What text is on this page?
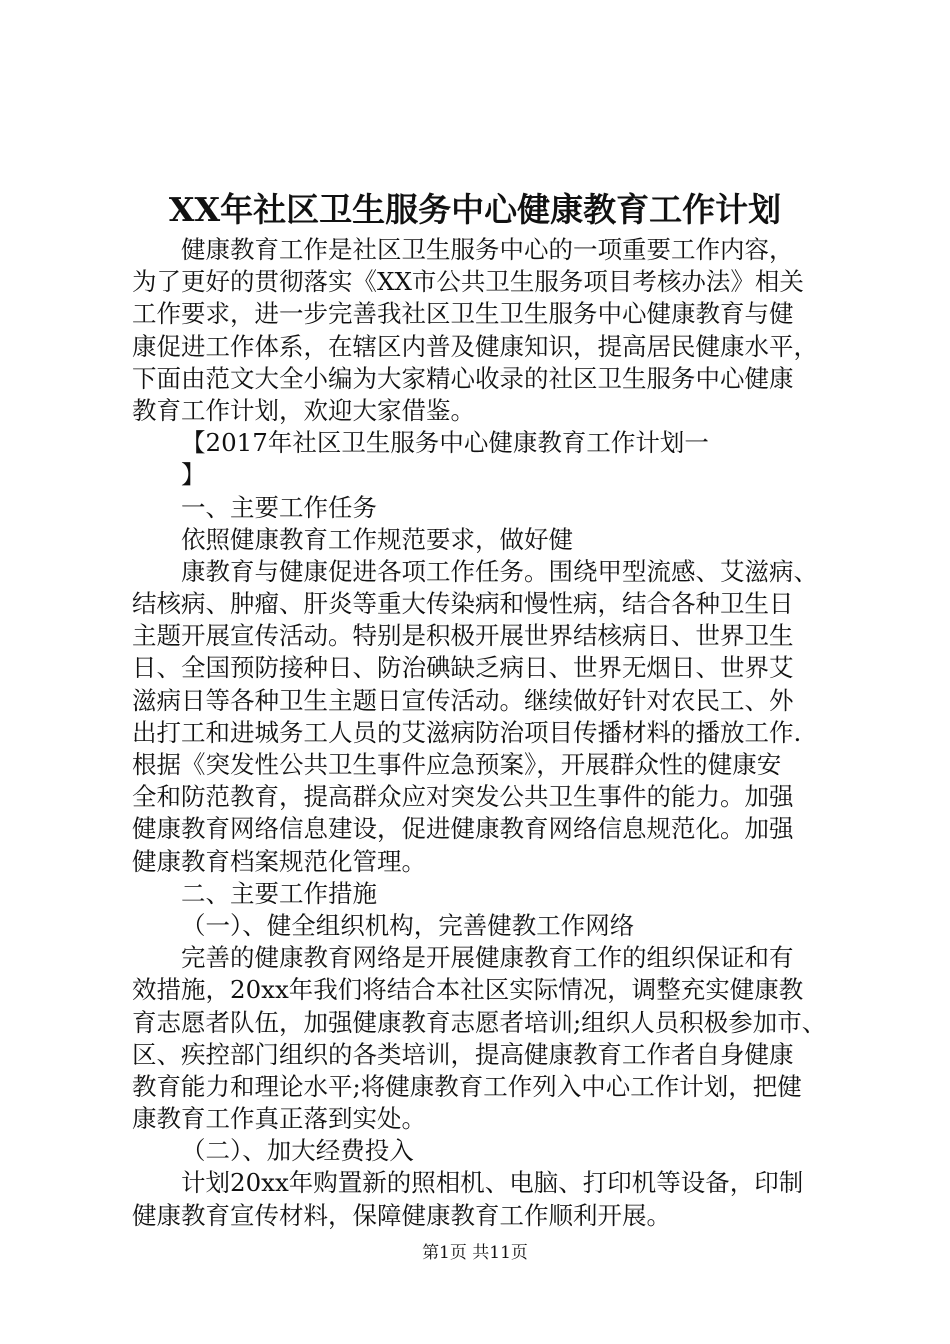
XX年社区卫生服务中心健康教育工作计划
健康教育工作是社区卫生服务中心的一项重要工作内容，
为了更好的贯彻落实《XX市公共卫生服务项目考核办法》相关
工作要求，进一步完善我社区卫生卫生服务中心健康教育与健
康促进工作体系，在辖区内普及健康知识，提高居民健康水平，
下面由范文大全小编为大家精心收录的社区卫生服务中心健康
教育工作计划，欢迎大家借鉴。
【2017年社区卫生服务中心健康教育工作计划一
】
一、主要工作任务
依照健康教育工作规范要求，做好健
康教育与健康促进各项工作任务。围绕甲型流感、艾滋病、
结核病、肿瘤、肝炎等重大传染病和慢性病，结合各种卫生日
主题开展宣传活动。特别是积极开展世界结核病日、世界卫生
日、全国预防接种日、防治碘缺乏病日、世界无烟日、世界艾
滋病日等各种卫生主题日宣传活动。继续做好针对农民工、外
出打工和进城务工人员的艾滋病防治项目传播材料的播放工作.
根据《突发性公共卫生事件应急预案》，开展群众性的健康安
全和防范教育，提高群众应对突发公共卫生事件的能力。加强
健康教育网络信息建设，促进健康教育网络信息规范化。加强
健康教育档案规范化管理。
二、主要工作措施
（一）、健全组织机构，完善健教工作网络
完善的健康教育网络是开展健康教育工作的组织保证和有
效措施，20xx年我们将结合本社区实际情况，调整充实健康教
育志愿者队伍，加强健康教育志愿者培训;组织人员积极参加市、
区、疾控部门组织的各类培训，提高健康教育工作者自身健康
教育能力和理论水平;将健康教育工作列入中心工作计划，把健
康教育工作真正落到实处。
（二）、加大经费投入
计划20xx年购置新的照相机、电脑、打印机等设备，印制
健康教育宣传材料，保障健康教育工作顺利开展。
第1页 共11页
